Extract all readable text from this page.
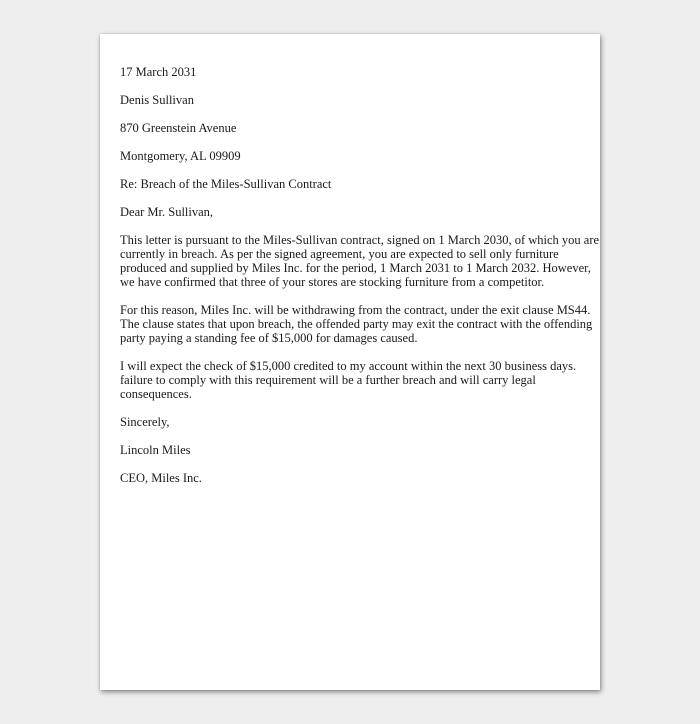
17 March 2031
Denis Sullivan
870 Greenstein Avenue
Montgomery, AL 09909
Re: Breach of the Miles-Sullivan Contract
Dear Mr. Sullivan,
This letter is pursuant to the Miles-Sullivan contract, signed on 1 March 2030, of which you are
currently in breach. As per the signed agreement, you are expected to sell only furniture
produced and supplied by Miles Inc. for the period, 1 March 2031 to 1 March 2032. However,
we have confirmed that three of your stores are stocking furniture from a competitor.
For this reason, Miles Inc. will be withdrawing from the contract, under the exit clause MS44.
The clause states that upon breach, the offended party may exit the contract with the offending
party paying a standing fee of $15,000 for damages caused.
I will expect the check of $15,000 credited to my account within the next 30 business days.
failure to comply with this requirement will be a further breach and will carry legal
consequences.
Sincerely,
Lincoln Miles
CEO, Miles Inc.
